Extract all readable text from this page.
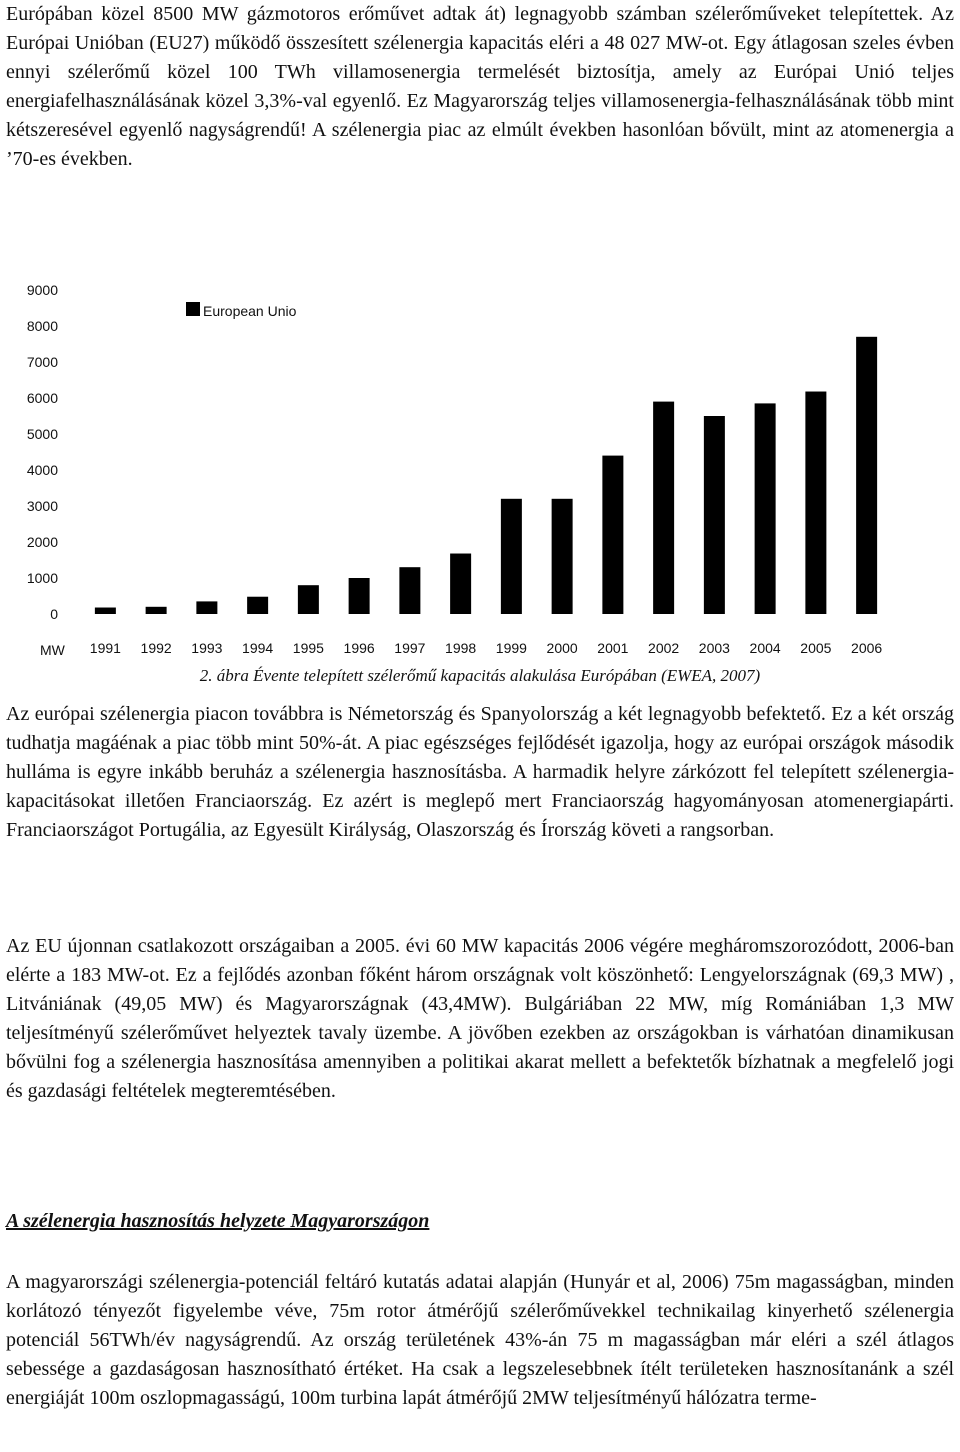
Európában közel 8500 MW gázmotoros erőművet adtak át) legnagyobb számban szélerőműveket telepítettek. Az Európai Unióban (EU27) működő összesített szélenergia kapacitás eléri a 48 027 MW-ot. Egy átlagosan szeles évben ennyi szélerőmű közel 100 TWh villamosenergia termelését biztosítja, amely az Európai Unió teljes energiafelhasználásának közel 3,3%-val egyenlő. Ez Magyarország teljes villamosenergia-felhasználásának több mint kétszeresével egyenlő nagyságrendű! A szélenergia piac az elmúlt években hasonlóan bővült, mint az atomenergia a ’70-es években.

9000
8000
7000
6000
5000
4000
3000
2000
1000
0
1991 1992 1993 1994 1995 1996 1997 1998 1999 2000 2001 2002 2003 2004 2005 2006
MW
European Unio
2. ábra Évente telepített szélerőmű kapacitás alakulása Európában (EWEA, 2007)

Az európai szélenergia piacon továbbra is Németország és Spanyolország a két legnagyobb befektető. Ez a két ország tudhatja magáénak a piac több mint 50%-át. A piac egészséges fejlődését igazolja, hogy az európai országok második hulláma is egyre inkább beruház a szélenergia hasznosításba. A harmadik helyre zárkózott fel telepített szélenergia-kapacitásokat illetően Franciaország. Ez azért is meglepő mert Franciaország hagyományosan atomenergiapárti. Franciaországot Portugália, az Egyesült Királyság, Olaszország és Írország követi a rangsorban.

Az EU újonnan csatlakozott országaiban a 2005. évi 60 MW kapacitás 2006 végére megháromszorozódott, 2006-ban elérte a 183 MW-ot. Ez a fejlődés azonban főként három országnak volt köszönhető: Lengyelországnak (69,3 MW) , Litvániának (49,05 MW) és Magyarországnak (43,4MW). Bulgáriában 22 MW, míg Romániában 1,3 MW teljesítményű szélerőművet helyeztek tavaly üzembe. A jövőben ezekben az országokban is várhatóan dinamikusan bővülni fog a szélenergia hasznosítása amennyiben a politikai akarat mellett a befektetők bízhatnak a megfelelő jogi és gazdasági feltételek megteremtésében.

A szélenergia hasznosítás helyzete Magyarországon

A magyarországi szélenergia-potenciál feltáró kutatás adatai alapján (Hunyár et al, 2006) 75m magasságban, minden korlátozó tényezőt figyelembe véve, 75m rotor átmérőjű szélerőművekkel technikailag kinyerhető szélenergia potenciál 56TWh/év nagyságrendű. Az ország területének 43%-án 75 m magasságban már eléri a szél átlagos sebessége a gazdaságosan hasznosítható értéket. Ha csak a legszelesebbnek ítélt területeken hasznosítanánk a szél energiáját 100m oszlopmagasságú, 100m turbina lapát átmérőjű 2MW teljesítményű hálózatra terme-
